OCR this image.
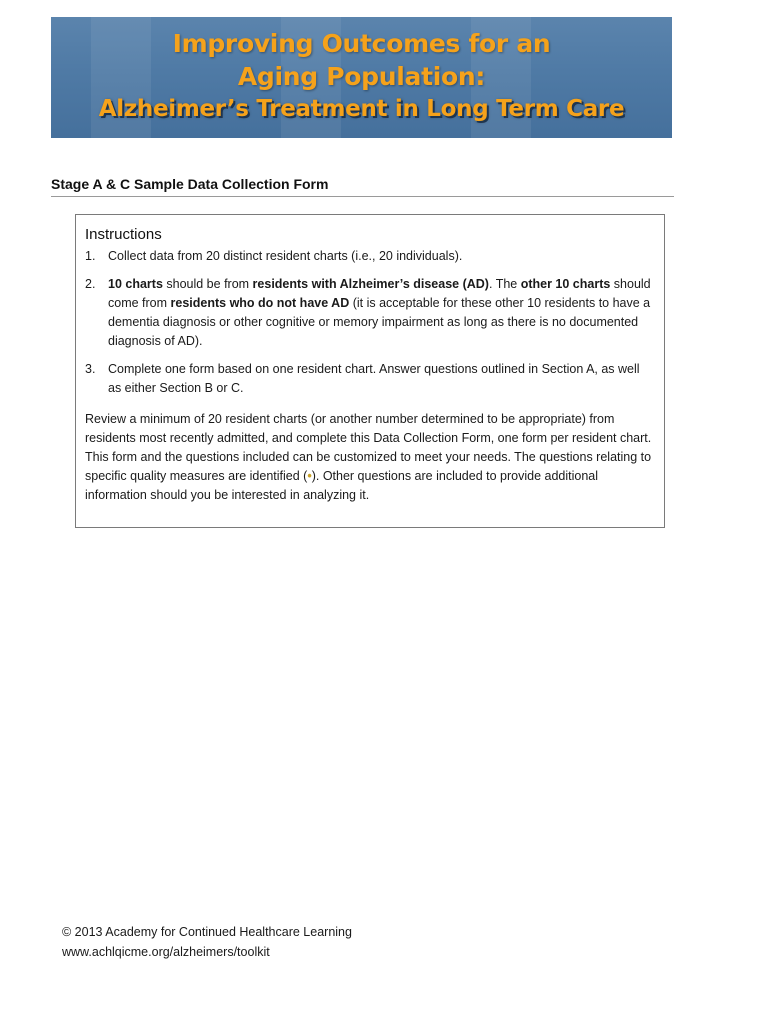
Improving Outcomes for an
Aging Population:
Alzheimer’s Treatment in Long Term Care
Stage A & C Sample Data Collection Form
Instructions
1. Collect data from 20 distinct resident charts (i.e., 20 individuals).
2. 10 charts should be from residents with Alzheimer’s disease (AD). The other 10 charts should come from residents who do not have AD (it is acceptable for these other 10 residents to have a dementia diagnosis or other cognitive or memory impairment as long as there is no documented diagnosis of AD).
3. Complete one form based on one resident chart. Answer questions outlined in Section A, as well as either Section B or C.
Review a minimum of 20 resident charts (or another number determined to be appropriate) from residents most recently admitted, and complete this Data Collection Form, one form per resident chart. This form and the questions included can be customized to meet your needs. The questions relating to specific quality measures are identified (•). Other questions are included to provide additional information should you be interested in analyzing it.
© 2013 Academy for Continued Healthcare Learning
www.achlqicme.org/alzheimers/toolkit
